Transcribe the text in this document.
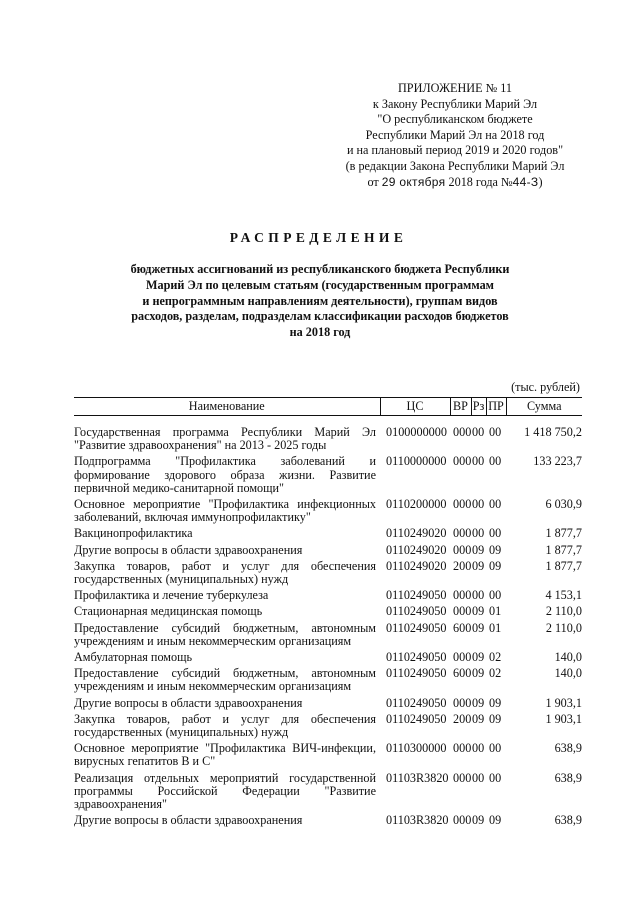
ПРИЛОЖЕНИЕ № 11
к Закону Республики Марий Эл
"О республиканском бюджете
Республики Марий Эл на 2018 год
и на плановый период 2019 и 2020 годов"
(в редакции Закона Республики Марий Эл
от 29 октября 2018 года №44-З)
РАСПРЕДЕЛЕНИЕ
бюджетных ассигнований из республиканского бюджета Республики
Марий Эл по целевым статьям (государственным программам
и непрограммным направлениям деятельности), группам видов
расходов, разделам, подразделам классификации расходов бюджетов
на 2018 год
(тыс. рублей)
Наименование	ЦС	ВР	Рз	ПР	Сумма

Государственная программа Республики Марий Эл "Развитие здравоохранения" на 2013 - 2025 годы	0100000000	000	00	00	1 418 750,2
Подпрограмма "Профилактика заболеваний и формирование здорового образа жизни. Развитие первичной медико-санитарной помощи"	0110000000	000	00	00	133 223,7
Основное мероприятие "Профилактика инфекционных заболеваний, включая иммунопрофилактику"	0110200000	000	00	00	6 030,9
Вакцинопрофилактика	0110249020	000	00	00	1 877,7
Другие вопросы в области здравоохранения	0110249020	000	09	09	1 877,7
Закупка товаров, работ и услуг для обеспечения государственных (муниципальных) нужд	0110249020	200	09	09	1 877,7
Профилактика и лечение туберкулеза	0110249050	000	00	00	4 153,1
Стационарная медицинская помощь	0110249050	000	09	01	2 110,0
Предоставление субсидий бюджетным, автономным учреждениям и иным некоммерческим организациям	0110249050	600	09	01	2 110,0
Амбулаторная помощь	0110249050	000	09	02	140,0
Предоставление субсидий бюджетным, автономным учреждениям и иным некоммерческим организациям	0110249050	600	09	02	140,0
Другие вопросы в области здравоохранения	0110249050	000	09	09	1 903,1
Закупка товаров, работ и услуг для обеспечения государственных (муниципальных) нужд	0110249050	200	09	09	1 903,1
Основное мероприятие "Профилактика ВИЧ-инфекции, вирусных гепатитов В и С"	0110300000	000	00	00	638,9
Реализация отдельных мероприятий государственной программы Российской Федерации "Развитие здравоохранения"	01103R3820	000	00	00	638,9
Другие вопросы в области здравоохранения	01103R3820	000	09	09	638,9
